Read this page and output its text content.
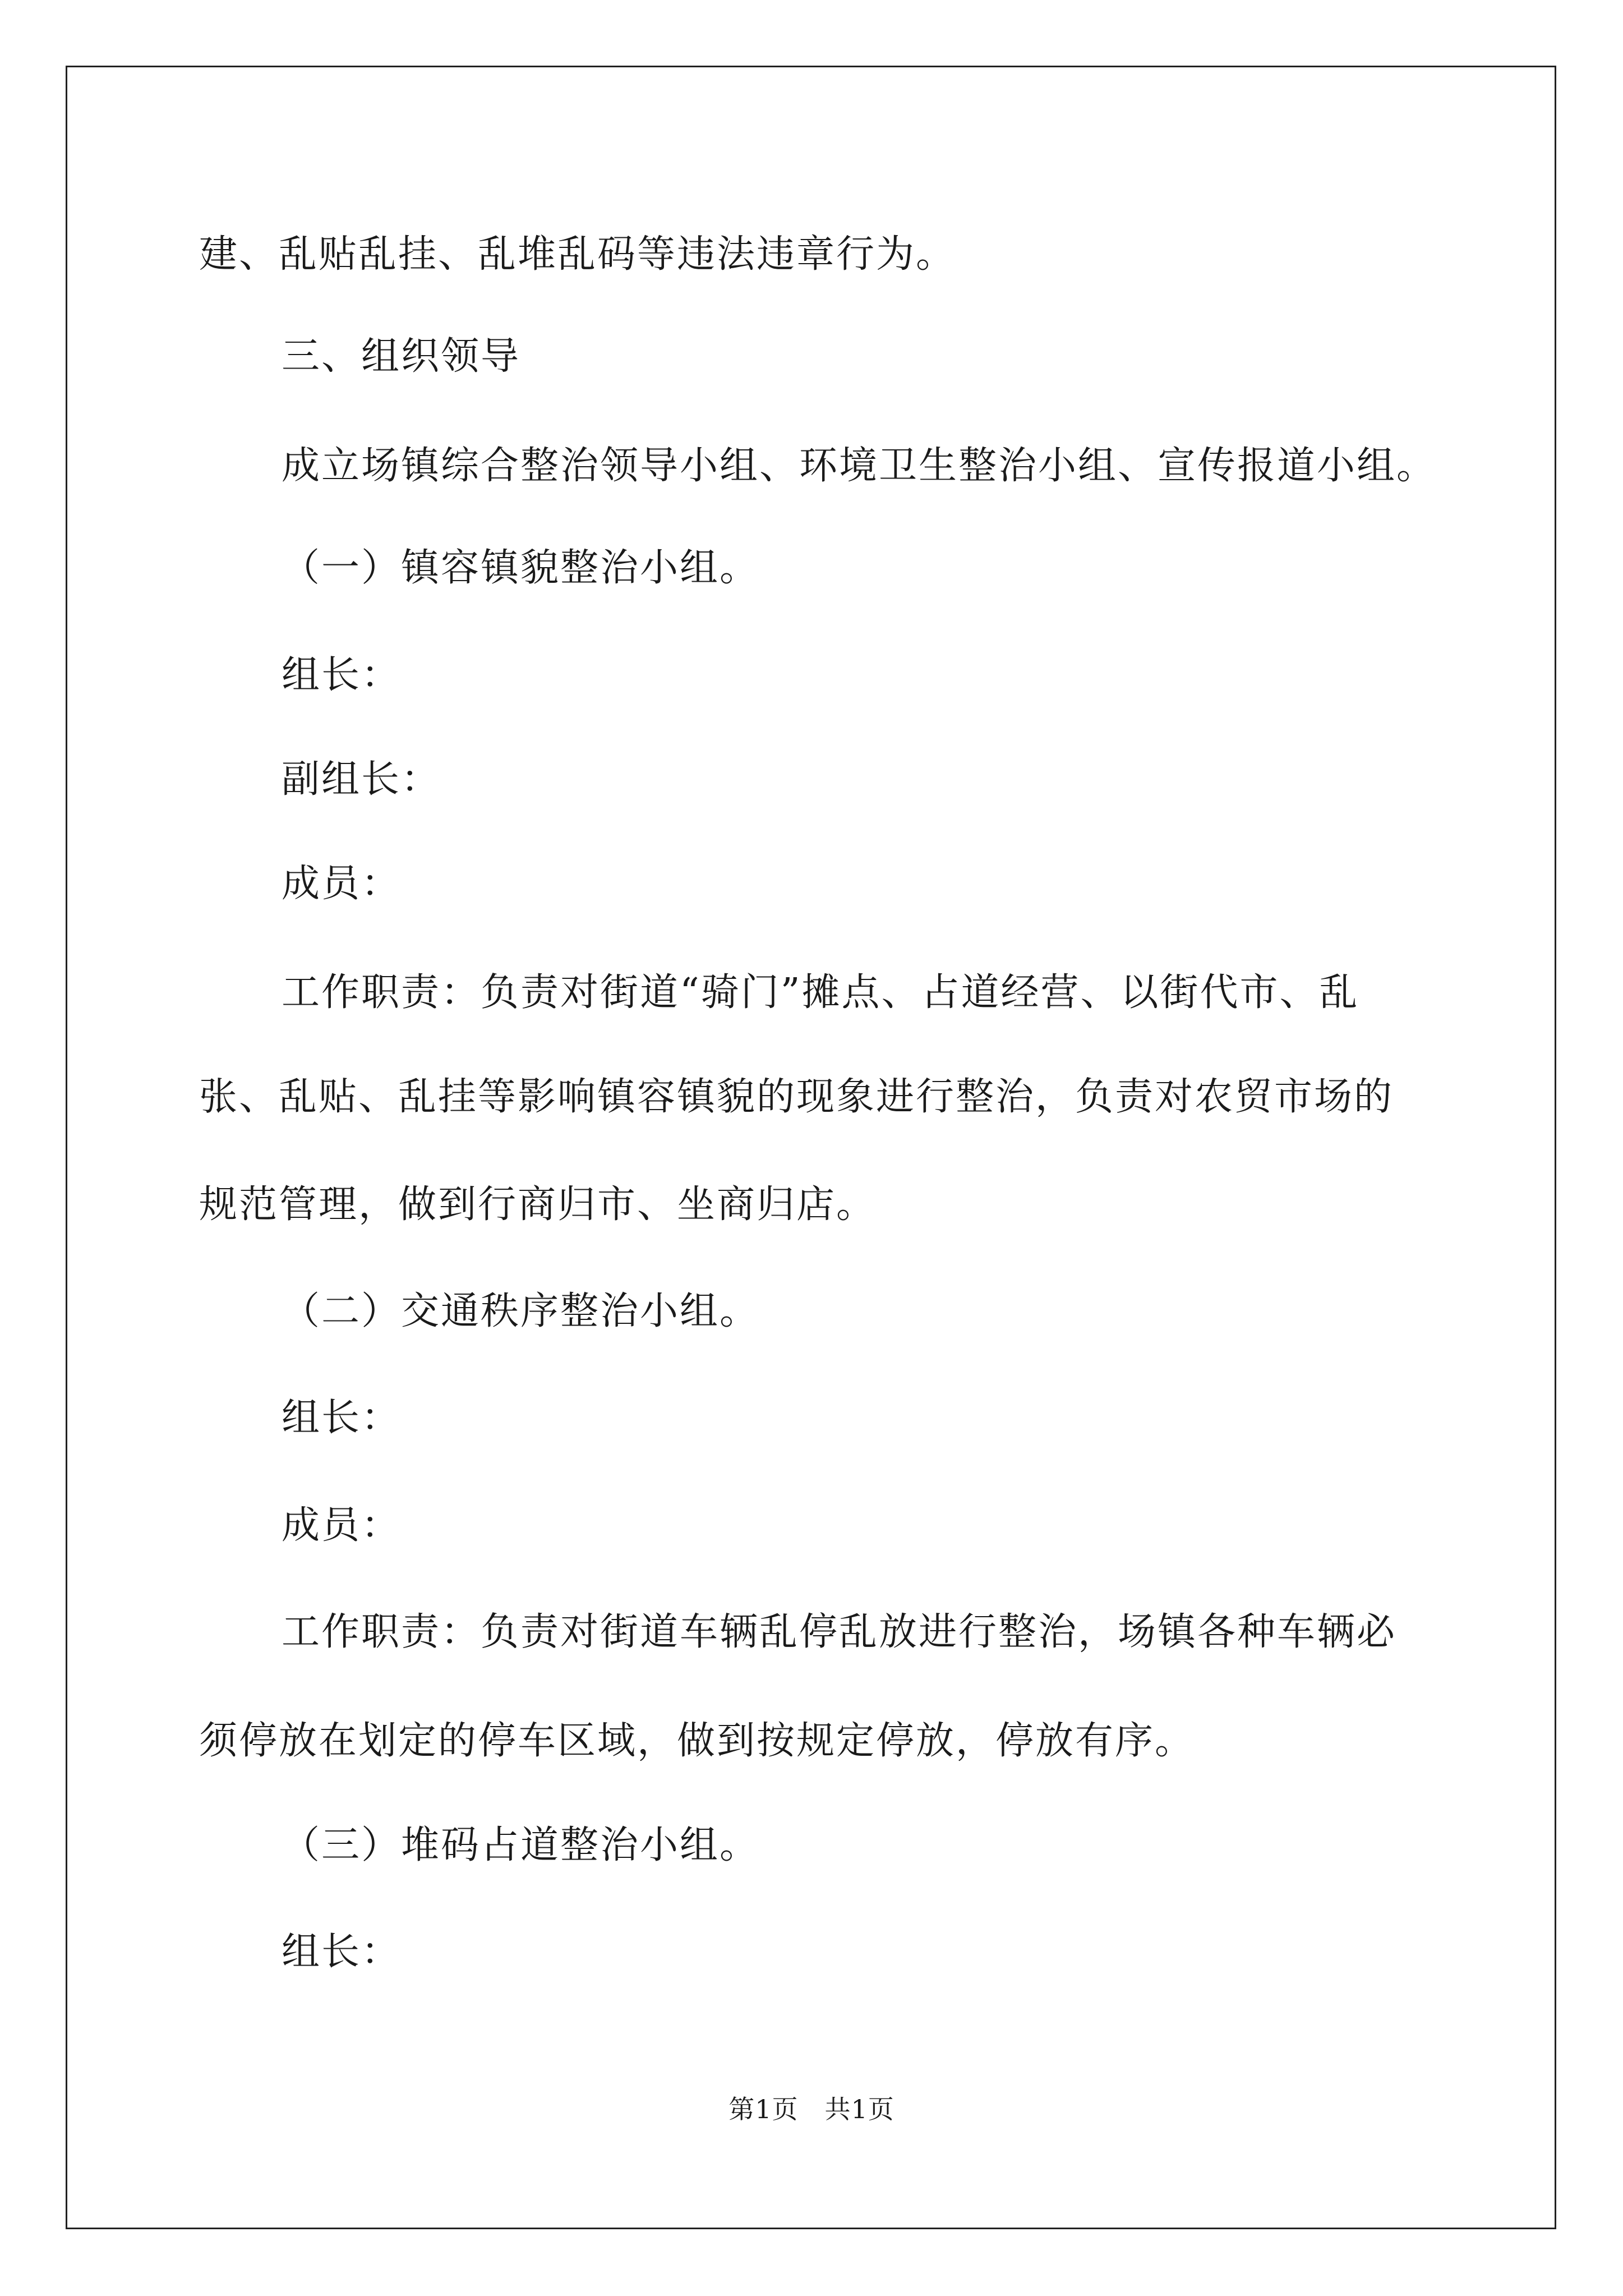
建、乱贴乱挂、乱堆乱码等违法违章行为。
三、组织领导
成立场镇综合整治领导小组、环境卫生整治小组、宣传报道小组。
（一）镇容镇貌整治小组。
组长：
副组长：
成员：
工作职责：负责对街道“骑门”摊点、占道经营、以街代市、乱
张、乱贴、乱挂等影响镇容镇貌的现象进行整治，负责对农贸市场的
规范管理，做到行商归市、坐商归店。
（二）交通秩序整治小组。
组长：
成员：
工作职责：负责对街道车辆乱停乱放进行整治，场镇各种车辆必
须停放在划定的停车区域，做到按规定停放，停放有序。
（三）堆码占道整治小组。
组长：
第1页　共1页
